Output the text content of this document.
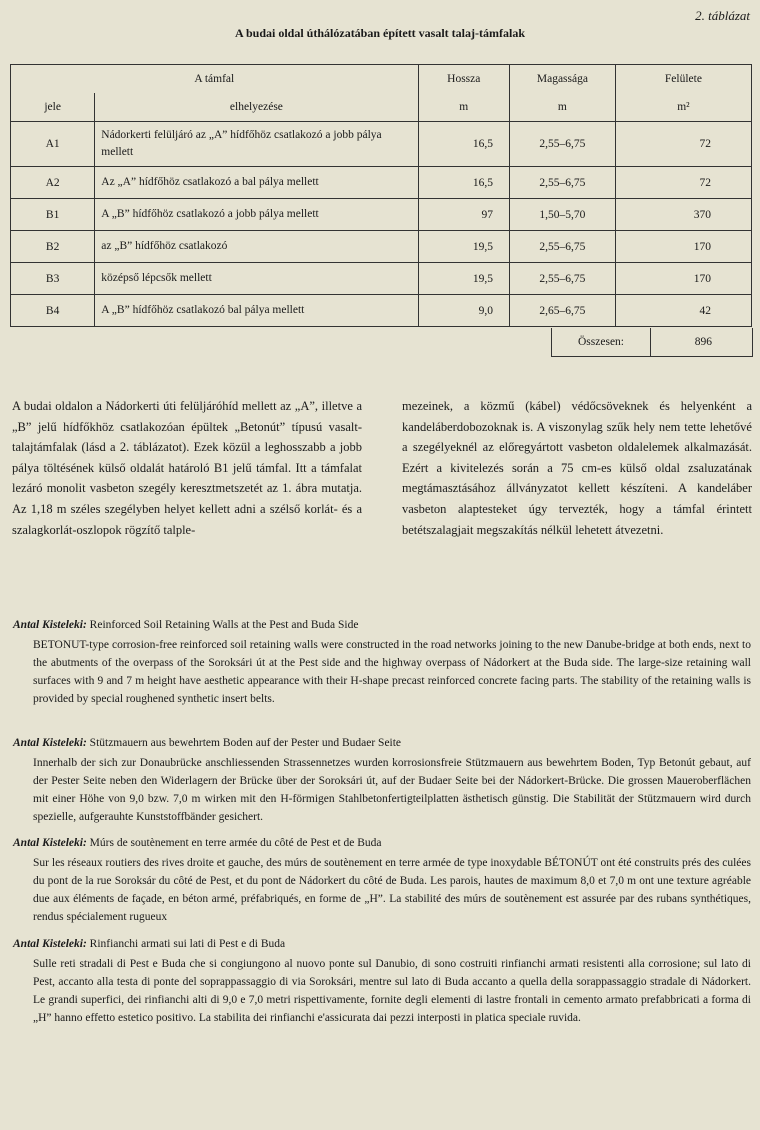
2. táblázat
A budai oldal úthálózatában épített vasalt talaj-támfalak
A támfal		Hossza	Magassága	Felülete
jele	elhelyezése	m	m	m²
A1	Nádorkerti felüljáró az „A” hídfőhöz csatlakozó a jobb pálya mellett	16,5	2,55–6,75	72
A2	Az „A” hídfőhöz csatlakozó a bal pálya mellett	16,5	2,55–6,75	72
B1	A „B” hídfőhöz csatlakozó a jobb pálya mellett	97	1,50–5,70	370
B2	az „B” hídfőhöz csatlakozó	19,5	2,55–6,75	170
B3	középső lépcsők mellett	19,5	2,55–6,75	170
B4	A „B” hídfőhöz csatlakozó bal pálya mellett	9,0	2,65–6,75	42
Összesen:	896
A budai oldalon a Nádorkerti úti felüljáróhíd mellett az „A”, illetve a „B” jelű hídfőkhöz csatlakozóan épültek „Betonút” típusú vasalt-talajtámfalak (lásd a 2. táblázatot). Ezek közül a leghosszabb a jobb pálya töltésének külső oldalát határoló B1 jelű támfal. Itt a támfalat lezáró monolit vasbeton szegély keresztmetszetét az 1. ábra mutatja. Az 1,18 m széles szegélyben helyet kellett adni a szélső korlát- és a szalagkorlát-oszlopok rögzítő talple-
mezeinek, a közmű (kábel) védőcsöveknek és helyenként a kandeláberdobozoknak is. A viszonylag szűk hely nem tette lehetővé a szegélyeknél az előregyártott vasbeton oldalelemek alkalmazását. Ezért a kivitelezés során a 75 cm-es külső oldal zsaluzatának megtámasztásához állványzatot kellett készíteni. A kandeláber vasbeton alaptesteket úgy tervezték, hogy a támfal érintett betétszalagjait megszakítás nélkül lehetett átvezetni.
Antal Kisteleki: Reinforced Soil Retaining Walls at the Pest and Buda Side
BETONUT-type corrosion-free reinforced soil retaining walls were constructed in the road networks joining to the new Danube-bridge at both ends, next to the abutments of the overpass of the Soroksári út at the Pest side and the highway overpass of Nádorkert at the Buda side. The large-size retaining wall surfaces with 9 and 7 m height have aesthetic appearance with their H-shape precast reinforced concrete facing parts. The stability of the retaining walls is provided by special roughened synthetic insert belts.
Antal Kisteleki: Stützmauern aus bewehrtem Boden auf der Pester und Budaer Seite
Innerhalb der sich zur Donaubrücke anschliessenden Strassennetzes wurden korrosionsfreie Stützmauern aus bewehrtem Boden, Typ Betonút gebaut, auf der Pester Seite neben den Widerlagern der Brücke über der Soroksári út, auf der Budaer Seite bei der Nádorkert-Brücke. Die grossen Maueroberflächen mit einer Höhe von 9,0 bzw. 7,0 m wirken mit den H-förmigen Stahlbetonfertigteilplatten ästhetisch günstig. Die Stabilität der Stützmauern wird durch spezielle, aufgerauhte Kunststoffbänder gesichert.
Antal Kisteleki: Múrs de soutènement en terre armée du côté de Pest et de Buda
Sur les réseaux routiers des rives droite et gauche, des múrs de soutènement en terre armée de type inoxydable BÉTONÚT ont été construits prés des culées du pont de la rue Soroksár du côté de Pest, et du pont de Nádorkert du côté de Buda. Les parois, hautes de maximum 8,0 et 7,0 m ont une texture agréable due aux éléments de façade, en béton armé, préfabriqués, en forme de „H”. La stabilité des múrs de soutènement est assurée par des rubans synthétiques, rendus spécialement rugueux
Antal Kisteleki: Rinfianchi armati sui lati di Pest e di Buda
Sulle reti stradali di Pest e Buda che si congiungono al nuovo ponte sul Danubio, di sono costruiti rinfianchi armati resistenti alla corrosione; sul lato di Pest, accanto alla testa di ponte del soprappassaggio di via Soroksári, mentre sul lato di Buda accanto a quella della sorappassaggio stradale di Nádorkert. Le grandi superfici, dei rinfianchi alti di 9,0 e 7,0 metri rispettivamente, fornite degli elementi di lastre frontali in cemento armato prefabbricati a forma di „H” hanno effetto estetico positivo. La stabilita dei rinfianchi e'assicurata dai pezzi interposti in platica speciale ruvida.
